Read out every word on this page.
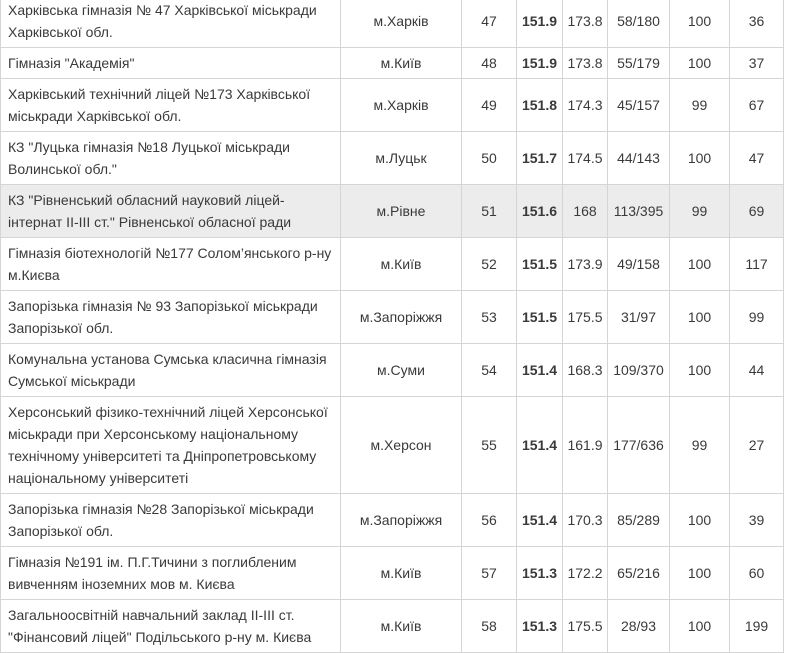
Харківська гімназія № 47 Харківської міськради Харківської обл.	м.Харків	47	151.9	173.8	58/180	100	36
Гімназія "Академія"	м.Київ	48	151.9	173.8	55/179	100	37
Харківський технічний ліцей №173 Харківської міськради Харківської обл.	м.Харків	49	151.8	174.3	45/157	99	67
КЗ "Луцька гімназія №18 Луцької міськради Волинської обл."	м.Луцьк	50	151.7	174.5	44/143	100	47
КЗ "Рівненський обласний науковий ліцей-інтернат ІІ-ІІІ ст." Рівненської обласної ради	м.Рівне	51	151.6	168	113/395	99	69
Гімназія біотехнологій №177 Солом’янського р-ну м.Києва	м.Київ	52	151.5	173.9	49/158	100	117
Запорізька гімназія № 93 Запорізької міськради Запорізької обл.	м.Запоріжжя	53	151.5	175.5	31/97	100	99
Комунальна установа Сумська класична гімназія Сумської міськради	м.Суми	54	151.4	168.3	109/370	100	44
Херсонський фізико-технічний ліцей Херсонської міськради при Херсонському національному технічному університеті та Дніпропетровському національному університеті	м.Херсон	55	151.4	161.9	177/636	99	27
Запорізька гімназія №28 Запорізької міськради Запорізької обл.	м.Запоріжжя	56	151.4	170.3	85/289	100	39
Гімназія №191 ім. П.Г.Тичини з поглибленим вивченням іноземних мов м. Києва	м.Київ	57	151.3	172.2	65/216	100	60
Загальноосвітній навчальний заклад ІІ-ІІІ ст. "Фінансовий ліцей" Подільського р-ну м. Києва	м.Київ	58	151.3	175.5	28/93	100	199
